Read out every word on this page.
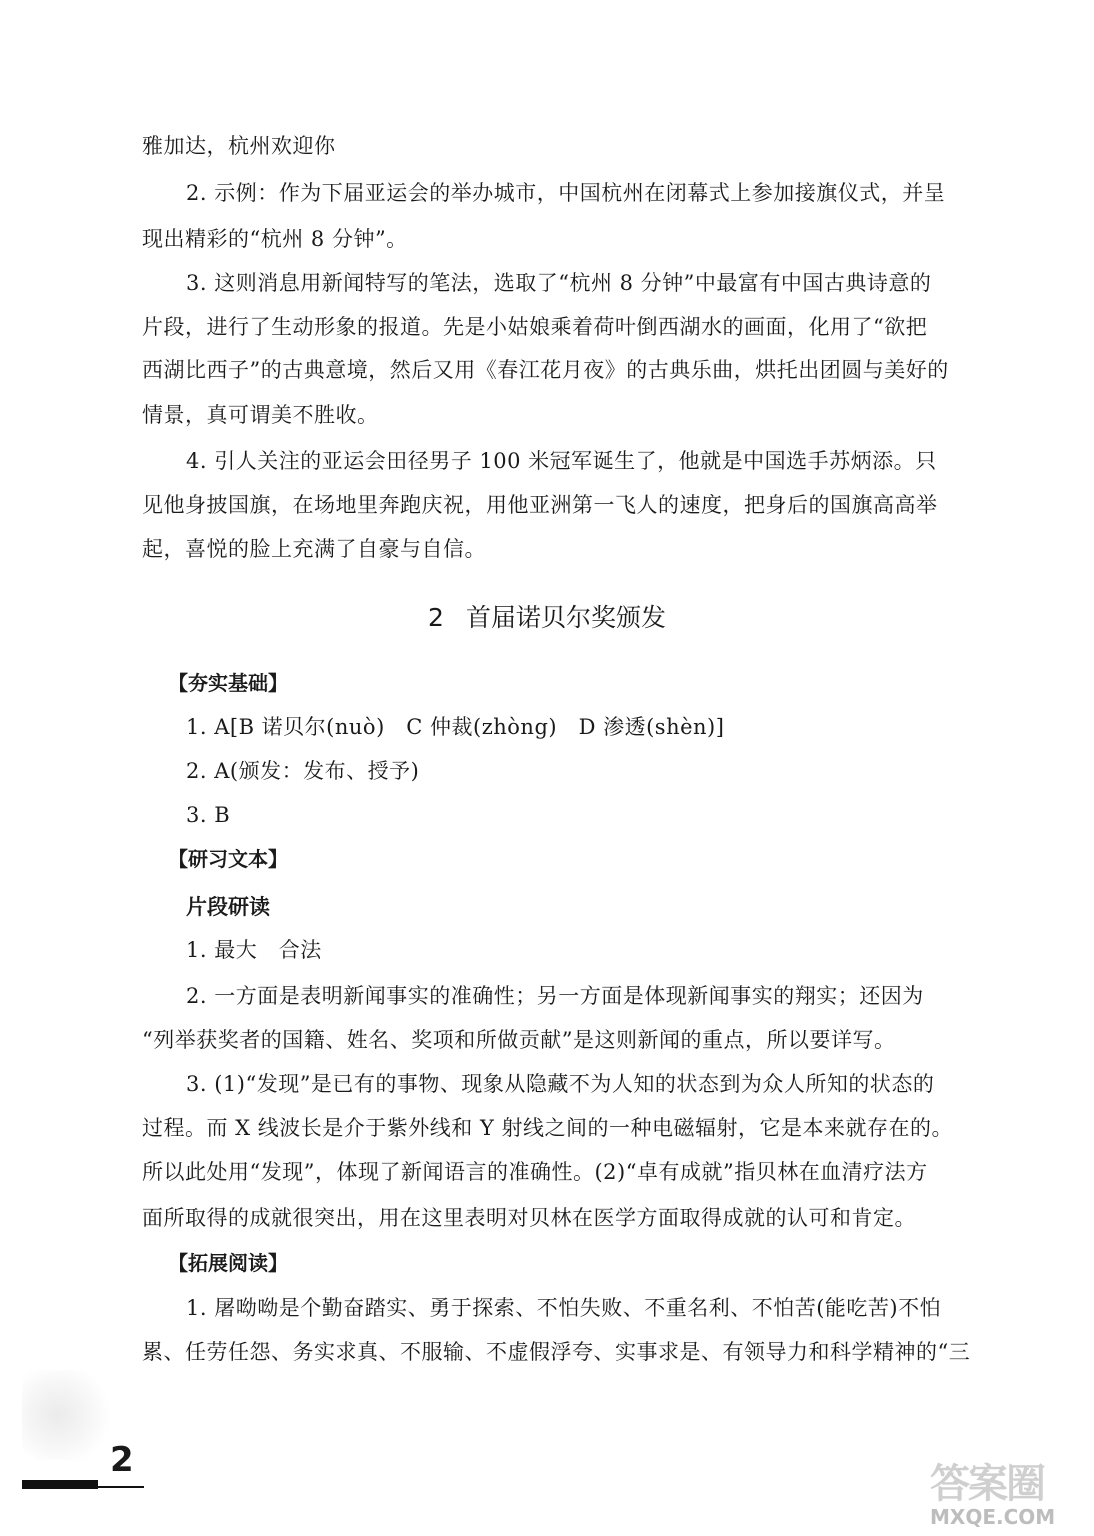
雅加达，杭州欢迎你
2. 示例：作为下届亚运会的举办城市，中国杭州在闭幕式上参加接旗仪式，并呈
现出精彩的“杭州 8 分钟”。
3. 这则消息用新闻特写的笔法，选取了“杭州 8 分钟”中最富有中国古典诗意的
片段，进行了生动形象的报道。先是小姑娘乘着荷叶倒西湖水的画面，化用了“欲把
西湖比西子”的古典意境，然后又用《春江花月夜》的古典乐曲，烘托出团圆与美好的
情景，真可谓美不胜收。
4. 引人关注的亚运会田径男子 100 米冠军诞生了，他就是中国选手苏炳添。只
见他身披国旗，在场地里奔跑庆祝，用他亚洲第一飞人的速度，把身后的国旗高高举
起，喜悦的脸上充满了自豪与自信。
2 首届诺贝尔奖颁发
【夯实基础】
1. A[B 诺贝尔(nuò)　C 仲裁(zhòng)　D 渗透(shèn)]
2. A(颁发：发布、授予)
3. B
【研习文本】
片段研读
1. 最大　合法
2. 一方面是表明新闻事实的准确性；另一方面是体现新闻事实的翔实；还因为
“列举获奖者的国籍、姓名、奖项和所做贡献”是这则新闻的重点，所以要详写。
3. (1)“发现”是已有的事物、现象从隐藏不为人知的状态到为众人所知的状态的
过程。而 X 线波长是介于紫外线和 Y 射线之间的一种电磁辐射，它是本来就存在的。
所以此处用“发现”，体现了新闻语言的准确性。(2)“卓有成就”指贝林在血清疗法方
面所取得的成就很突出，用在这里表明对贝林在医学方面取得成就的认可和肯定。
【拓展阅读】
1. 屠呦呦是个勤奋踏实、勇于探索、不怕失败、不重名利、不怕苦(能吃苦)不怕
累、任劳任怨、务实求真、不服输、不虚假浮夸、实事求是、有领导力和科学精神的“三
2
答案圈
MXQE.COM
